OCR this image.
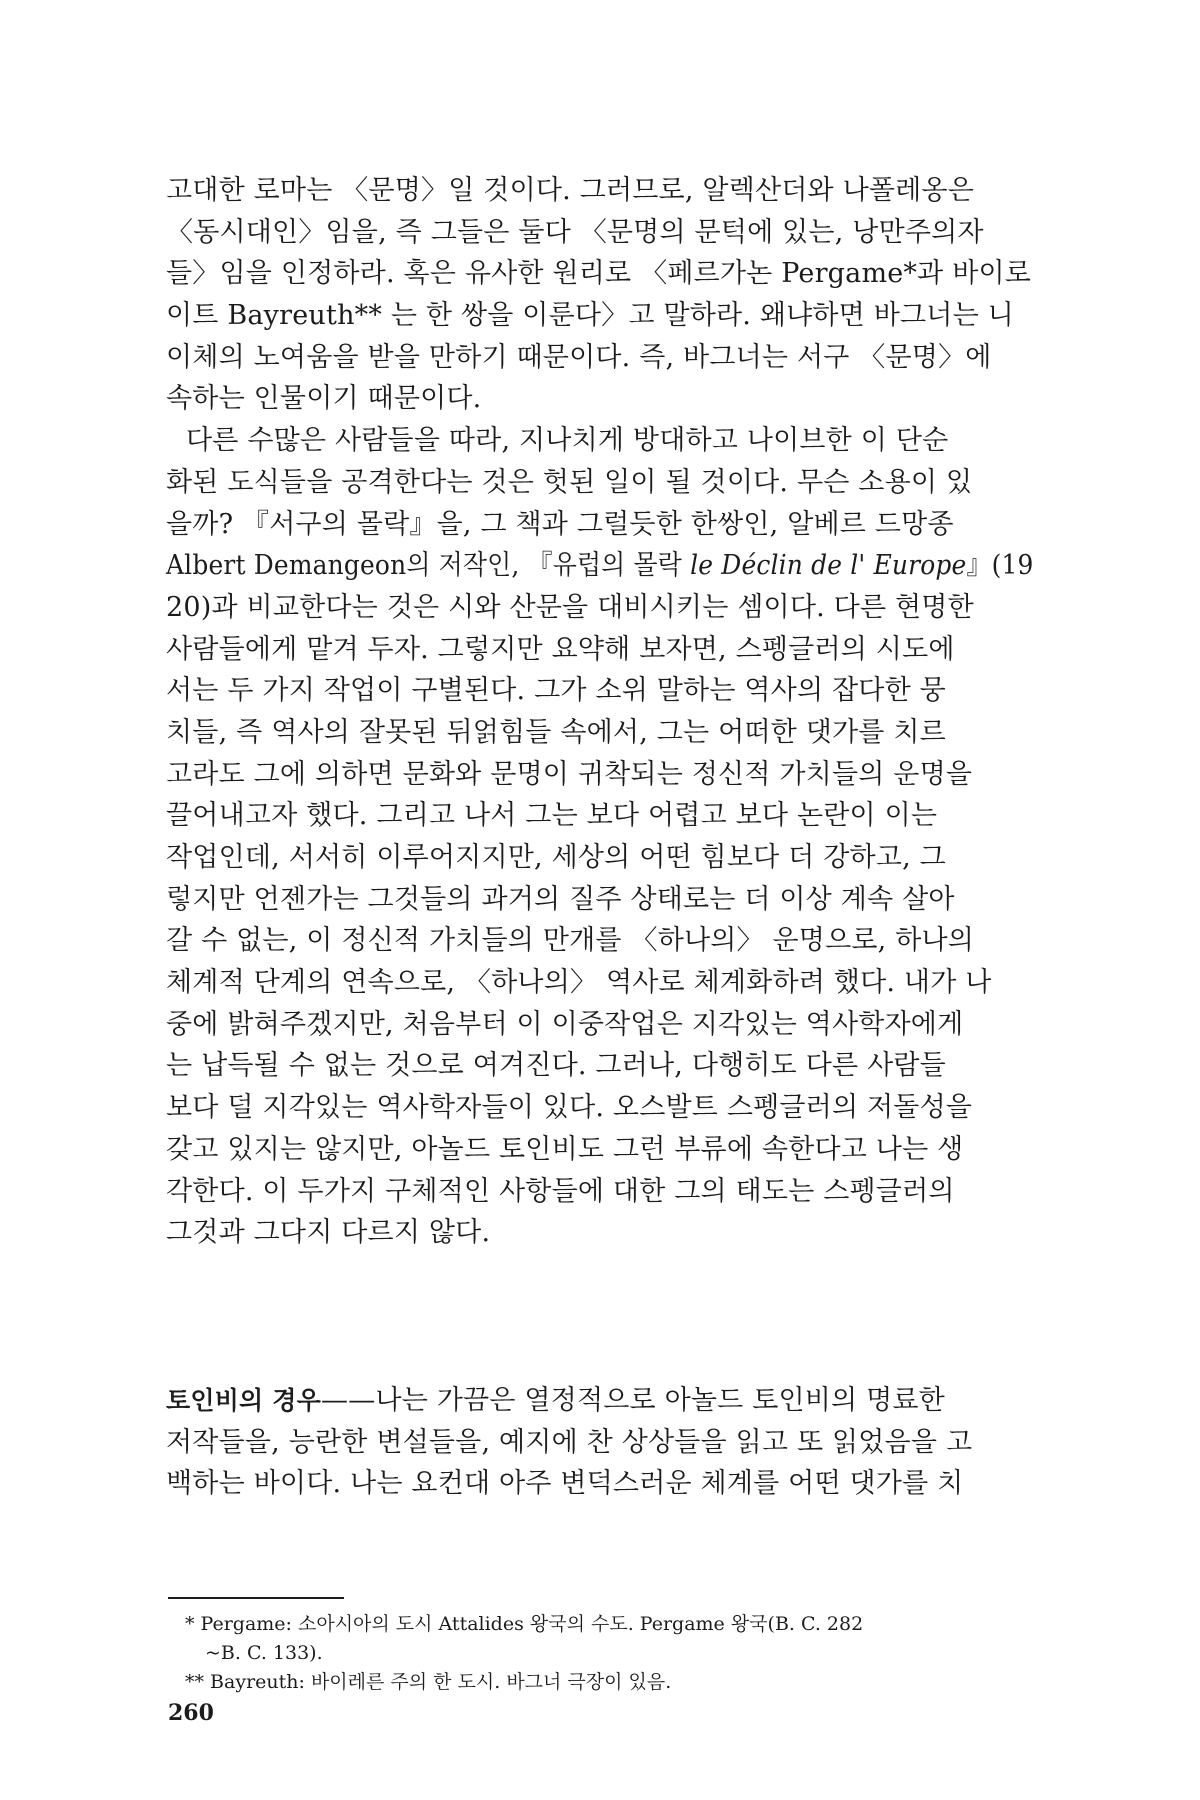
고대한 로마는 〈문명〉일 것이다. 그러므로, 알렉산더와 나폴레옹은
〈동시대인〉임을, 즉 그들은 둘다 〈문명의 문턱에 있는, 낭만주의자
들〉임을 인정하라. 혹은 유사한 원리로 〈페르가논 Pergame*과 바이로
이트 Bayreuth** 는 한 쌍을 이룬다〉고 말하라. 왜냐하면 바그너는 니
이체의 노여움을 받을 만하기 때문이다. 즉, 바그너는 서구 〈문명〉에
속하는 인물이기 때문이다.
다른 수많은 사람들을 따라, 지나치게 방대하고 나이브한 이 단순
화된 도식들을 공격한다는 것은 헛된 일이 될 것이다. 무슨 소용이 있
을까? 『서구의 몰락』을, 그 책과 그럴듯한 한쌍인, 알베르 드망종
Albert Demangeon의 저작인, 『유럽의 몰락 le Déclin de l' Europe』(19
20)과 비교한다는 것은 시와 산문을 대비시키는 셈이다. 다른 현명한
사람들에게 맡겨 두자. 그렇지만 요약해 보자면, 스펭글러의 시도에
서는 두 가지 작업이 구별된다. 그가 소위 말하는 역사의 잡다한 뭉
치들, 즉 역사의 잘못된 뒤얽힘들 속에서, 그는 어떠한 댓가를 치르
고라도 그에 의하면 문화와 문명이 귀착되는 정신적 가치들의 운명을
끌어내고자 했다. 그리고 나서 그는 보다 어렵고 보다 논란이 이는
작업인데, 서서히 이루어지지만, 세상의 어떤 힘보다 더 강하고, 그
렇지만 언젠가는 그것들의 과거의 질주 상태로는 더 이상 계속 살아
갈 수 없는, 이 정신적 가치들의 만개를 〈하나의〉 운명으로, 하나의
체계적 단계의 연속으로, 〈하나의〉 역사로 체계화하려 했다. 내가 나
중에 밝혀주겠지만, 처음부터 이 이중작업은 지각있는 역사학자에게
는 납득될 수 없는 것으로 여겨진다. 그러나, 다행히도 다른 사람들
보다 덜 지각있는 역사학자들이 있다. 오스발트 스펭글러의 저돌성을
갖고 있지는 않지만, 아놀드 토인비도 그런 부류에 속한다고 나는 생
각한다. 이 두가지 구체적인 사항들에 대한 그의 태도는 스펭글러의
그것과 그다지 다르지 않다.
토인비의 경우——나는 가끔은 열정적으로 아놀드 토인비의 명료한
저작들을, 능란한 변설들을, 예지에 찬 상상들을 읽고 또 읽었음을 고
백하는 바이다. 나는 요컨대 아주 변덕스러운 체계를 어떤 댓가를 치
* Pergame: 소아시아의 도시 Attalides 왕국의 수도. Pergame 왕국(B. C. 282
~B. C. 133).
** Bayreuth: 바이레른 주의 한 도시. 바그너 극장이 있음.
260
